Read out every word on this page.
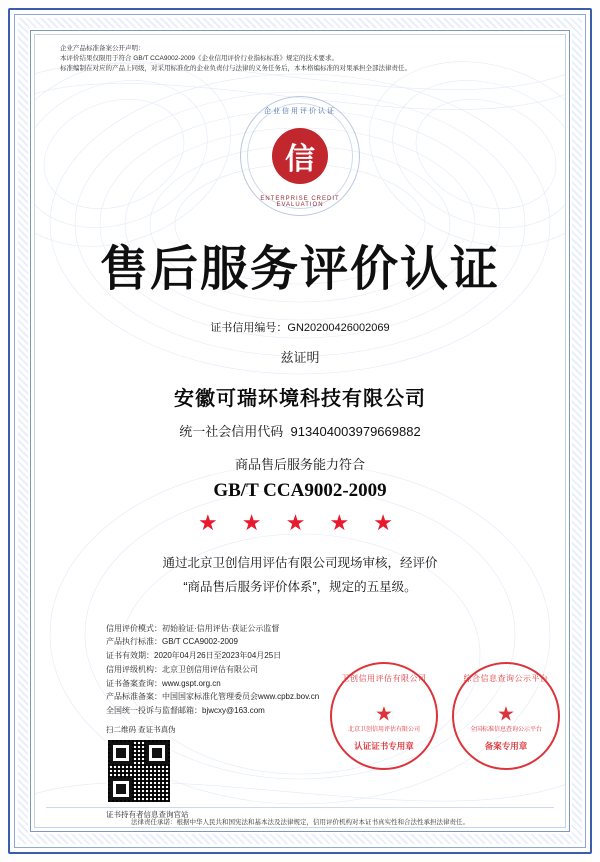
企业产品标准备案公开声明：
本评价结果仅限用于符合 GB/T CCA9002-2009《企业信用评价行业指标标准》规定的技术要求。
标准编制在对应的产品上同级，对采用标准化的企业负责付与法律的义务任务后，本本格编标准的对果承担全部法律责任。
企业信用评价认证
信
ENTERPRISE CREDIT EVALUATION
售后服务评价认证
证书信用编号：GN20200426002069
兹证明
安徽可瑞环境科技有限公司
统一社会信用代码 913404003979669882
商品售后服务能力符合
GB/T CCA9002-2009
★ ★ ★ ★ ★
通过北京卫创信用评估有限公司现场审核，经评价
“商品售后服务评价体系”，规定的五星级。
信用评价模式：初始验证·信用评估·获证公示监督
产品执行标准：GB/T CCA9002-2009
证书有效期：2020年04月26日至2023年04月25日
信用评级机构：北京卫创信用评估有限公司
证书备案查询：www.gspt.org.cn
产品标准备案：中国国家标准化管理委员会www.cpbz.bov.cn
全国统一投诉与监督邮箱：bjwcxy@163.com
扫二维码 查证书真伪
证书持有者信息查询官站
卫创信用评估有限公司
★
北京卫创信用评估有限公司
认证证书专用章
综合信息查询公示平台
★
全国标准信息查询公示平台
备案专用章
法律责任承诺：根据中华人民共和国宪法和基本法及法律规定，信用评价机构对本证书真实性和合法性承担法律责任。
